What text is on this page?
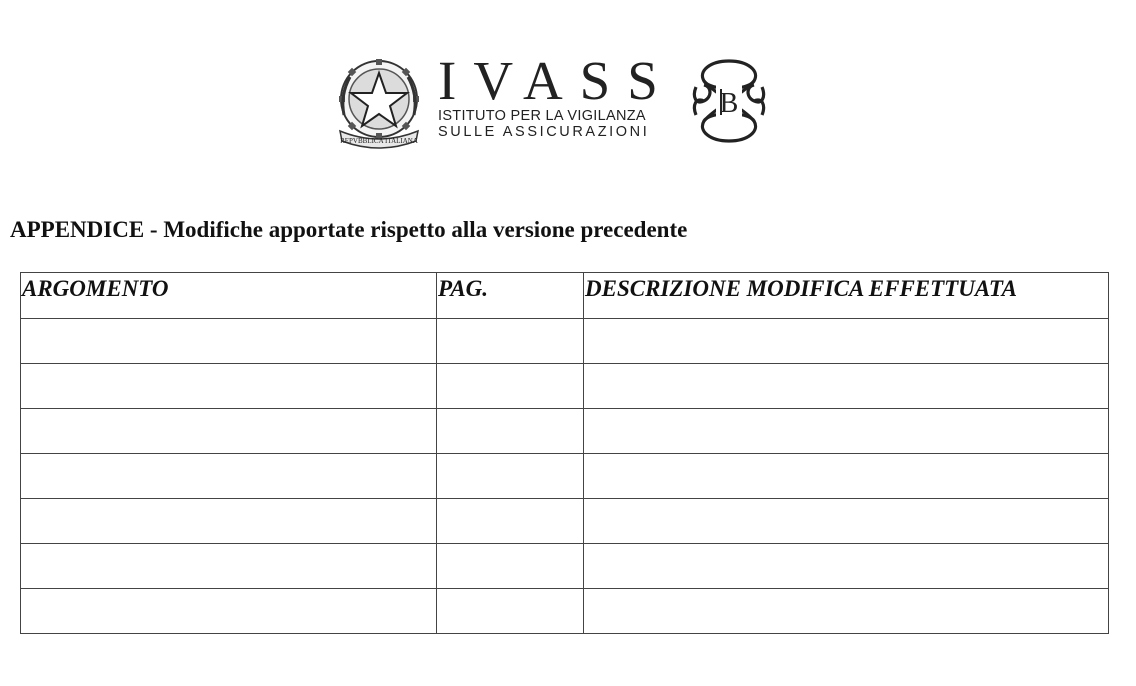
REPVBBLICA ITALIANA
IVASS
ISTITUTO PER LA VIGILANZA
SULLE ASSICURAZIONI
B
APPENDICE - Modifiche apportate rispetto alla versione precedente
ARGOMENTO	PAG.	DESCRIZIONE MODIFICA EFFETTUATA
